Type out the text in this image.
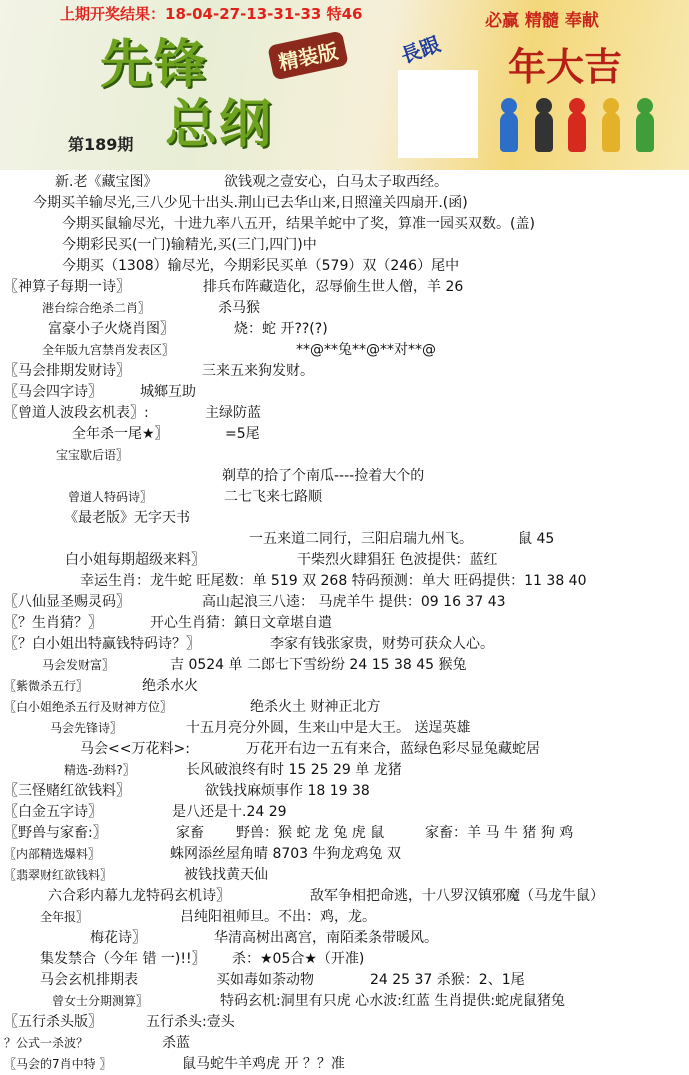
上期开奖结果：18-04-27-13-31-33 特46
先锋
总纲
精装版	長跟
必赢 精髓 奉献
年大吉
第189期
新.老《藏宝图》	欲钱观之壹安心，白马太子取西经。
今期买羊输尽光,三八少见十出头.荆山已去华山来,日照潼关四扇开.(函)
今期买鼠输尽光，十进九率八五开，结果羊蛇中了奖，算准一园买双数。(盖)
今期彩民买(一门)输精光,买(三门,四门)中
今期买（1308）输尽光，今期彩民买单（579）双（246）尾中
〖神算子每期一诗〗	排兵布阵藏造化，忍辱偷生世人僧，羊 26
港台综合绝杀二肖〗	杀马猴
富豪小子火烧肖图〗	烧：蛇 开??(?)
全年版九宫禁肖发表区〗	**@**兔**@**对**@
〖马会排期发财诗〗	三来五来狗发财。
〖马会四字诗〗	城鄉互助
〖曾道人波段玄机表〗:	主绿防蓝
全年杀一尾★〗	=5尾
宝宝歇后语〗
剃草的拾了个南瓜----捡着大个的
曾道人特码诗〗	二七飞来七路顺
《最老版》无字天书
一五来道二同行，三阳启瑞九州飞。	鼠 45
白小姐每期超级来料〗	干柴烈火肆猖狂 色波提供：蓝红
幸运生肖：龙牛蛇 旺尾数：单 519 双 268 特码预测：单大 旺码提供：11 38 40
〖八仙显圣赐灵码〗	高山起浪三八逵： 马虎羊牛 提供：09 16 37 43
〖？生肖猜？〗	开心生肖猜：鎮日文章堪自遣
〖？白小姐出特赢钱特码诗？〗	李家有钱张家贵，财势可获众人心。
马会发财富〗	吉 0524 单 二郎七下雪纷纷 24 15 38 45 猴兔
〖紫微杀五行〗	绝杀水火
〖白小姐绝杀五行及财神方位〗	绝杀火土 财神正北方
马会先锋诗〗	十五月亮分外圆，生来山中是大王。 送逞英雄
马会<<万花料>:	万花开右边一五有来合，蓝绿色彩尽显兔藏蛇居
精选-劲料?〗	长风破浪终有时 15 25 29 单 龙猪
〖三怪赌红欲钱料〗	欲钱找麻烦事作 18 19 38
〖白金五字诗〗	是八还是十.24 29
〖野兽与家畜:〗	家畜 野兽：猴 蛇 龙 兔 虎 鼠	家畜：羊 马 牛 猪 狗 鸡
〖内部精选爆料〗	蛛网添丝屋角晴 8703 牛狗龙鸡兔 双
〖翡翠财红欲钱料〗	被钱找黄天仙
六合彩内幕九龙特码玄机诗〗	敌军争相把命逃，十八罗汉镇邪魔（马龙牛鼠）
全年报〗	吕纯阳祖师旦。不出：鸡，龙。
梅花诗〗	华清高树出离宫，南陌柔条带暖风。
集发禁合（今年 错 一)!!〗 杀：★05合★（开准)
马会玄机排期表	买如毒如荼动物	24 25 37 杀猴：2、1尾
曾女士分期测算〗	特码玄机:洞里有只虎 心水波:红蓝 生肖提供:蛇虎鼠猪兔
〖五行杀头版〗	五行杀头:壹头
？公式一杀波？	杀蓝
〖马会的7肖中特 〗	鼠马蛇牛羊鸡虎 开 ？？准
